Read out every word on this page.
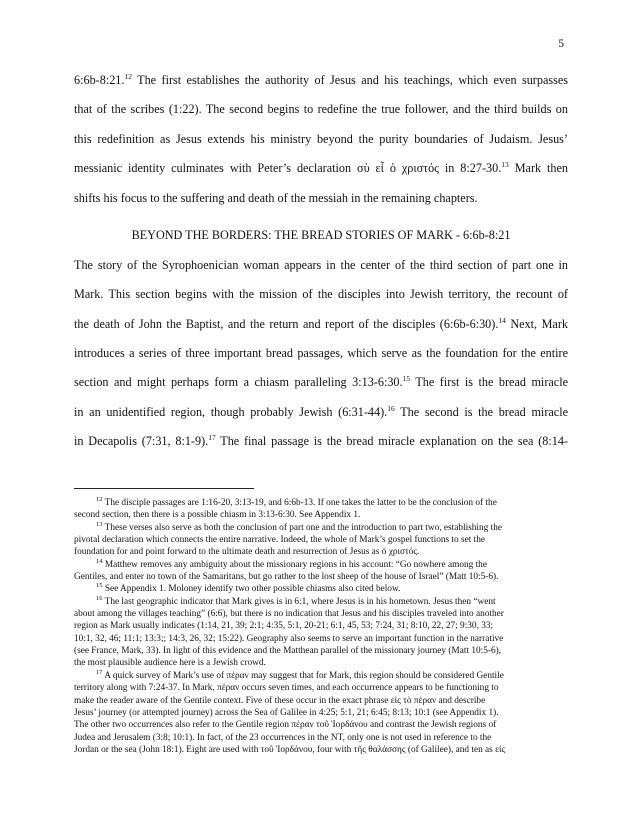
5
6:6b-8:21.12 The first establishes the authority of Jesus and his teachings, which even surpasses
that of the scribes (1:22). The second begins to redefine the true follower, and the third builds on
this redefinition as Jesus extends his ministry beyond the purity boundaries of Judaism. Jesus’
messianic identity culminates with Peter’s declaration σὺ εἶ ὁ χριστός in 8:27-30.13 Mark then
shifts his focus to the suffering and death of the messiah in the remaining chapters.
BEYOND THE BORDERS: THE BREAD STORIES OF MARK - 6:6b-8:21
The story of the Syrophoenician woman appears in the center of the third section of part one in
Mark. This section begins with the mission of the disciples into Jewish territory, the recount of
the death of John the Baptist, and the return and report of the disciples (6:6b-6:30).$^{14}$ Next, Mark
introduces a series of three important bread passages, which serve as the foundation for the entire
section and might perhaps form a chiasm paralleling 3:13-6:30.15 The first is the bread miracle
in an unidentified region, though probably Jewish (6:31-44).$^{16}$ The second is the bread miracle
in Decapolis (7:31, 8:1-9).$^{17}$ The final passage is the bread miracle explanation on the sea (8:14-
$^{12}$ The disciple passages are 1:16-20, 3:13-19, and 6:6b-13. If one takes the latter to be the conclusion of the
second section, then there is a possible chiasm in 3:13-6:30. See Appendix 1.
$^{13}$ These verses also serve as both the conclusion of part one and the introduction to part two, establishing the
pivotal declaration which connects the entire narrative. Indeed, the whole of Mark’s gospel functions to set the
foundation for and point forward to the ultimate death and resurrection of Jesus as ὁ χριστός.
$^{14}$ Matthew removes any ambiguity about the missionary regions in his account: “Go nowhere among the
Gentiles, and enter no town of the Samaritans, but go rather to the lost sheep of the house of Israel” (Matt 10:5-6).
$^{15}$ See Appendix 1. Moloney identify two other possible chiasms also cited below.
$^{16}$ The last geographic indicator that Mark gives is in 6:1, where Jesus is in his hometown. Jesus then “went
about among the villages teaching” (6:6), but there is no indication that Jesus and his disciples traveled into another
region as Mark usually indicates (1:14, 21, 39; 2:1; 4:35, 5:1, 20-21; 6:1, 45, 53; 7:24, 31; 8:10, 22, 27; 9:30, 33;
10:1, 32, 46; 11:1; 13:3;; 14:3, 26, 32; 15:22). Geography also seems to serve an important function in the narrative
(see France, Mark, 33). In light of this evidence and the Matthean parallel of the missionary journey (Matt 10:5-6),
the most plausible audience here is a Jewish crowd.
$^{17}$ A quick survey of Mark’s use of πέραν may suggest that for Mark, this region should be considered Gentile
territory along with 7:24-37. In Mark, πέραν occurs seven times, and each occurrence appears to be functioning to
make the reader aware of the Gentile context. Five of these occur in the exact phrase εἰς τὸ πέραν and describe
Jesus’ journey (or attempted journey) across the Sea of Galilee in 4:25; 5:1, 21; 6:45; 8:13; 10:1 (see Appendix 1).
The other two occurrences also refer to the Gentile region πέραν τοῦ Ἰορδάνου and contrast the Jewish regions of
Judea and Jerusalem (3:8; 10:1). In fact, of the 23 occurrences in the NT, only one is not used in reference to the
Jordan or the sea (John 18:1). Eight are used with τοῦ Ἰορδάνου, four with τῆς θαλάσσης (of Galilee), and ten as εἰς
